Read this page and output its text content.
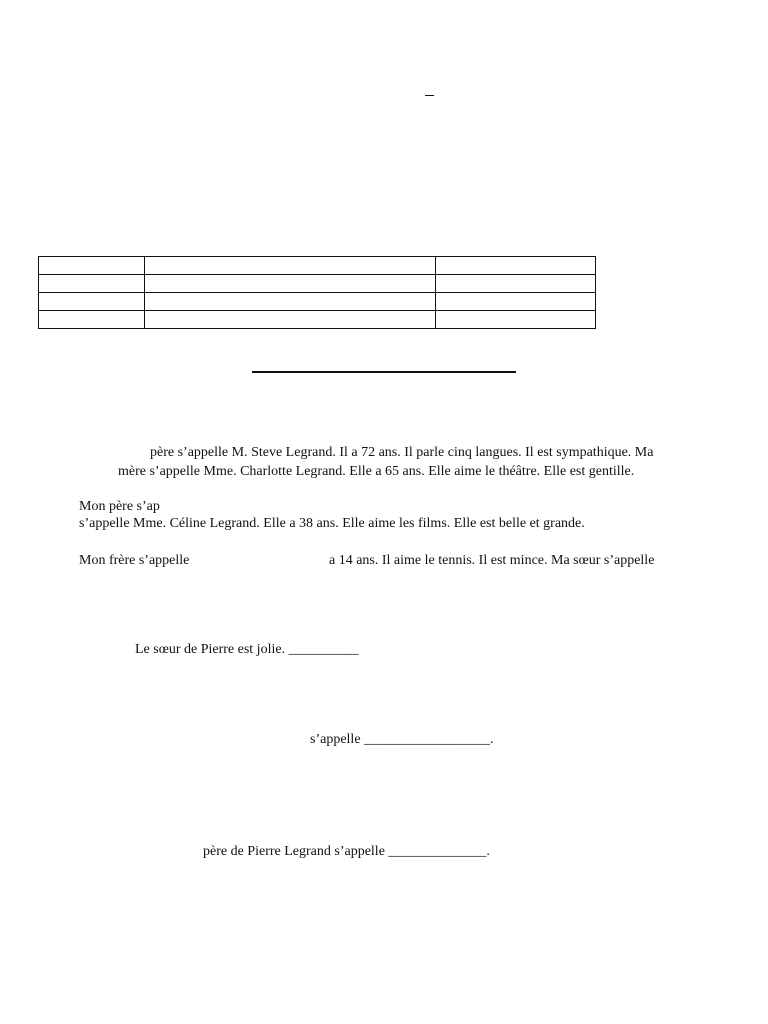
père s’appelle M. Steve Legrand. Il a 72 ans. Il parle cinq langues. Il est sympathique. Ma
mère s’appelle Mme. Charlotte Legrand. Elle a 65 ans. Elle aime le théâtre. Elle est gentille.
Mon père s’ap
s’appelle Mme. Céline Legrand. Elle a 38 ans. Elle aime les films. Elle est belle et grande.
Mon frère s’appelle	a 14 ans. Il aime le tennis. Il est mince. Ma sœur s’appelle
Le sœur de Pierre est jolie. __________
s’appelle __________________.
père de Pierre Legrand s’appelle ______________.
